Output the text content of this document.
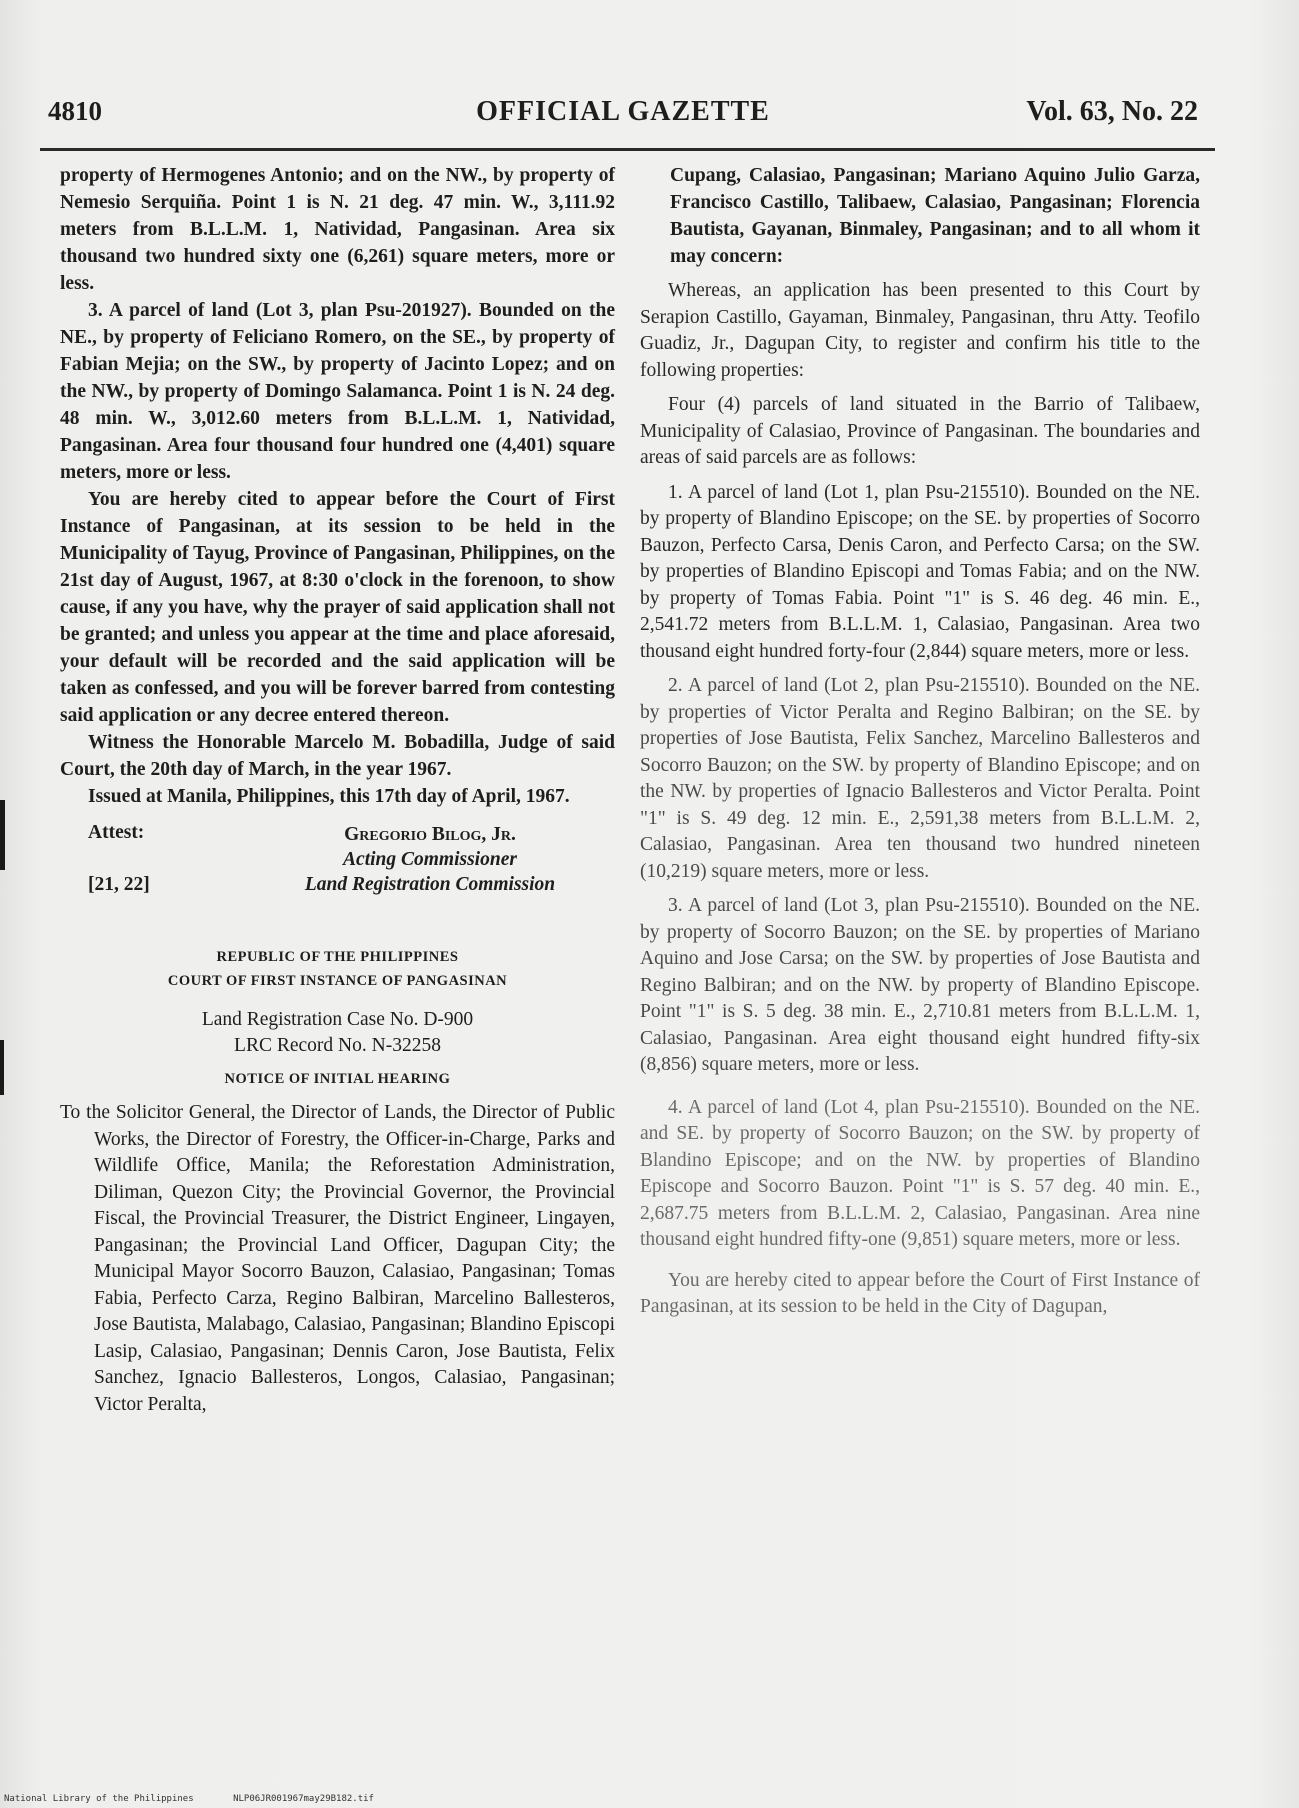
4810	OFFICIAL GAZETTE	Vol. 63, No. 22

property of Hermogenes Antonio; and on the NW., by property of Nemesio Serquiña. Point 1 is N. 21 deg. 47 min. W., 3,111.92 meters from B.L.L.M. 1, Natividad, Pangasinan. Area six thousand two hundred sixty one (6,261) square meters, more or less.

3. A parcel of land (Lot 3, plan Psu-201927). Bounded on the NE., by property of Feliciano Romero, on the SE., by property of Fabian Mejia; on the SW., by property of Jacinto Lopez; and on the NW., by property of Domingo Salamanca. Point 1 is N. 24 deg. 48 min. W., 3,012.60 meters from B.L.L.M. 1, Natividad, Pangasinan. Area four thousand four hundred one (4,401) square meters, more or less.

You are hereby cited to appear before the Court of First Instance of Pangasinan, at its session to be held in the Municipality of Tayug, Province of Pangasinan, Philippines, on the 21st day of August, 1967, at 8:30 o'clock in the forenoon, to show cause, if any you have, why the prayer of said application shall not be granted; and unless you appear at the time and place aforesaid, your default will be recorded and the said application will be taken as confessed, and you will be forever barred from contesting said application or any decree entered thereon.

Witness the Honorable Marcelo M. Bobadilla, Judge of said Court, the 20th day of March, in the year 1967.

Issued at Manila, Philippines, this 17th day of April, 1967.

Attest:
[21, 22]
Gregorio Bilog, Jr.
Acting Commissioner
Land Registration Commission
REPUBLIC OF THE PHILIPPINES
COURT OF FIRST INSTANCE OF PANGASINAN
Land Registration Case No. D-900
LRC Record No. N-32258
NOTICE OF INITIAL HEARING

To the Solicitor General, the Director of Lands, the Director of Public Works, the Director of Forestry, the Officer-in-Charge, Parks and Wildlife Office, Manila; the Reforestation Administration, Diliman, Quezon City; the Provincial Governor, the Provincial Fiscal, the Provincial Treasurer, the District Engineer, Lingayen, Pangasinan; the Provincial Land Officer, Dagupan City; the Municipal Mayor Socorro Bauzon, Calasiao, Pangasinan; Tomas Fabia, Perfecto Carza, Regino Balbiran, Marcelino Ballesteros, Jose Bautista, Malabago, Calasiao, Pangasinan; Blandino Episcopi Lasip, Calasiao, Pangasinan; Dennis Caron, Jose Bautista, Felix Sanchez, Ignacio Ballesteros, Longos, Calasiao, Pangasinan; Victor Peralta,

Cupang, Calasiao, Pangasinan; Mariano Aquino Julio Garza, Francisco Castillo, Talibaew, Calasiao, Pangasinan; Florencia Bautista, Gayanan, Binmaley, Pangasinan; and to all whom it may concern:

Whereas, an application has been presented to this Court by Serapion Castillo, Gayaman, Binmaley, Pangasinan, thru Atty. Teofilo Guadiz, Jr., Dagupan City, to register and confirm his title to the following properties:

Four (4) parcels of land situated in the Barrio of Talibaew, Municipality of Calasiao, Province of Pangasinan. The boundaries and areas of said parcels are as follows:

1. A parcel of land (Lot 1, plan Psu-215510). Bounded on the NE. by property of Blandino Episcope; on the SE. by properties of Socorro Bauzon, Perfecto Carsa, Denis Caron, and Perfecto Carsa; on the SW. by properties of Blandino Episcopi and Tomas Fabia; and on the NW. by property of Tomas Fabia. Point "1" is S. 46 deg. 46 min. E., 2,541.72 meters from B.L.L.M. 1, Calasiao, Pangasinan. Area two thousand eight hundred forty-four (2,844) square meters, more or less.

2. A parcel of land (Lot 2, plan Psu-215510). Bounded on the NE. by properties of Victor Peralta and Regino Balbiran; on the SE. by properties of Jose Bautista, Felix Sanchez, Marcelino Ballesteros and Socorro Bauzon; on the SW. by property of Blandino Episcope; and on the NW. by properties of Ignacio Ballesteros and Victor Peralta. Point "1" is S. 49 deg. 12 min. E., 2,591,38 meters from B.L.L.M. 2, Calasiao, Pangasinan. Area ten thousand two hundred nineteen (10,219) square meters, more or less.

3. A parcel of land (Lot 3, plan Psu-215510). Bounded on the NE. by property of Socorro Bauzon; on the SE. by properties of Mariano Aquino and Jose Carsa; on the SW. by properties of Jose Bautista and Regino Balbiran; and on the NW. by property of Blandino Episcope. Point "1" is S. 5 deg. 38 min. E., 2,710.81 meters from B.L.L.M. 1, Calasiao, Pangasinan. Area eight thousand eight hundred fifty-six (8,856) square meters, more or less.

4. A parcel of land (Lot 4, plan Psu-215510). Bounded on the NE. and SE. by property of Socorro Bauzon; on the SW. by property of Blandino Episcope; and on the NW. by properties of Blandino Episcope and Socorro Bauzon. Point "1" is S. 57 deg. 40 min. E., 2,687.75 meters from B.L.L.M. 2, Calasiao, Pangasinan. Area nine thousand eight hundred fifty-one (9,851) square meters, more or less.

You are hereby cited to appear before the Court of First Instance of Pangasinan, at its session to be held in the City of Dagupan,

National Library of the Philippines	NLP06JR001967may29B182.tif
